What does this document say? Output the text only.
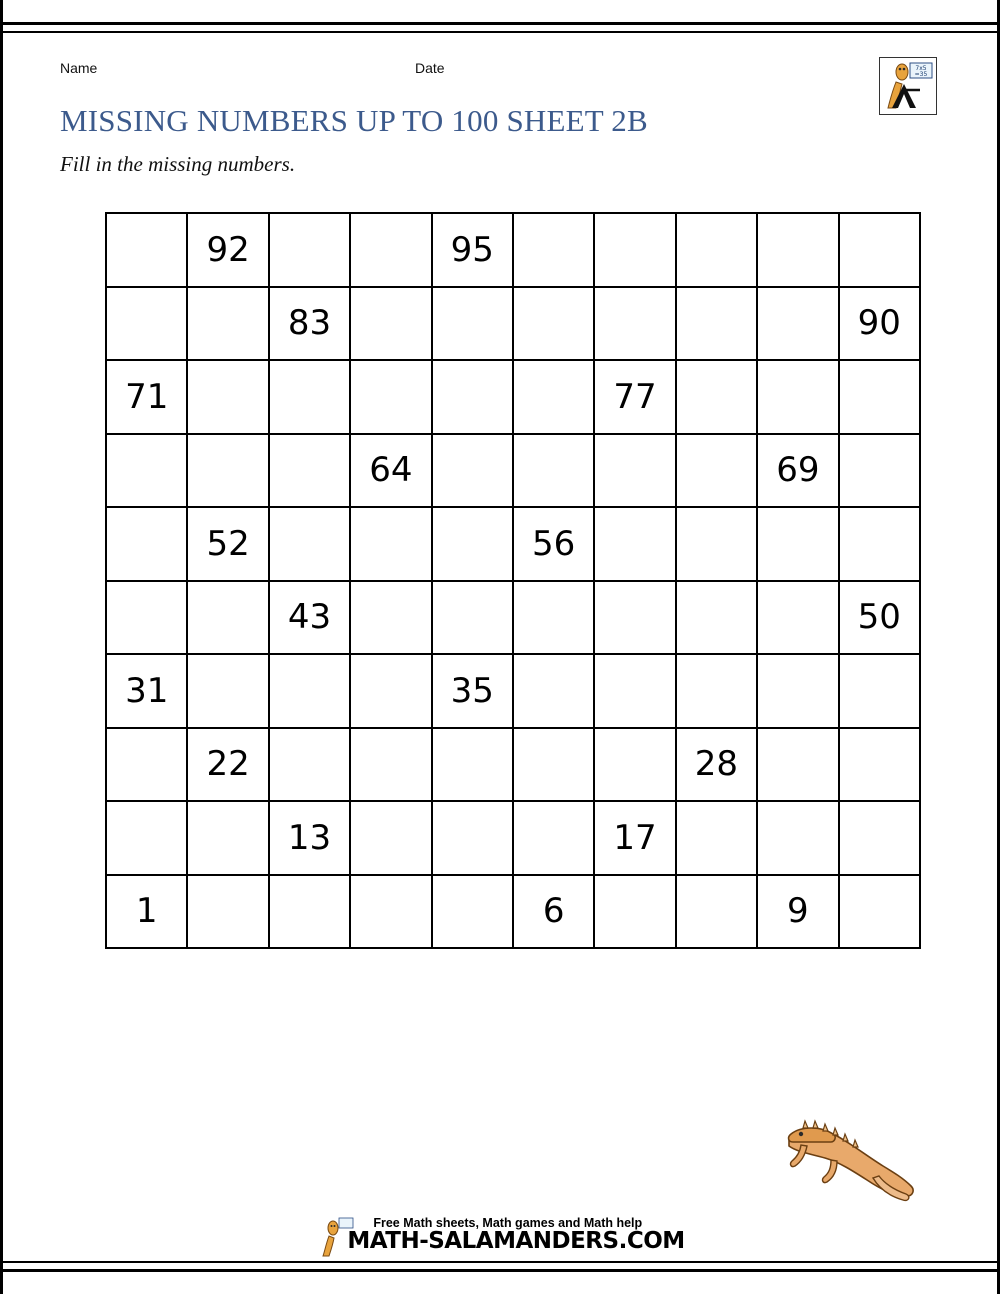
Name	Date	7x5
=35
MISSING NUMBERS UP TO 100 SHEET 2B
Fill in the missing numbers.
	92			95					
		83							90
71						77			
			64					69	
	52				56				
		43							50
31				35					
	22						28		
		13				17			
1					6			9	
Free Math sheets, Math games and Math help
MATH-SALAMANDERS.COM
